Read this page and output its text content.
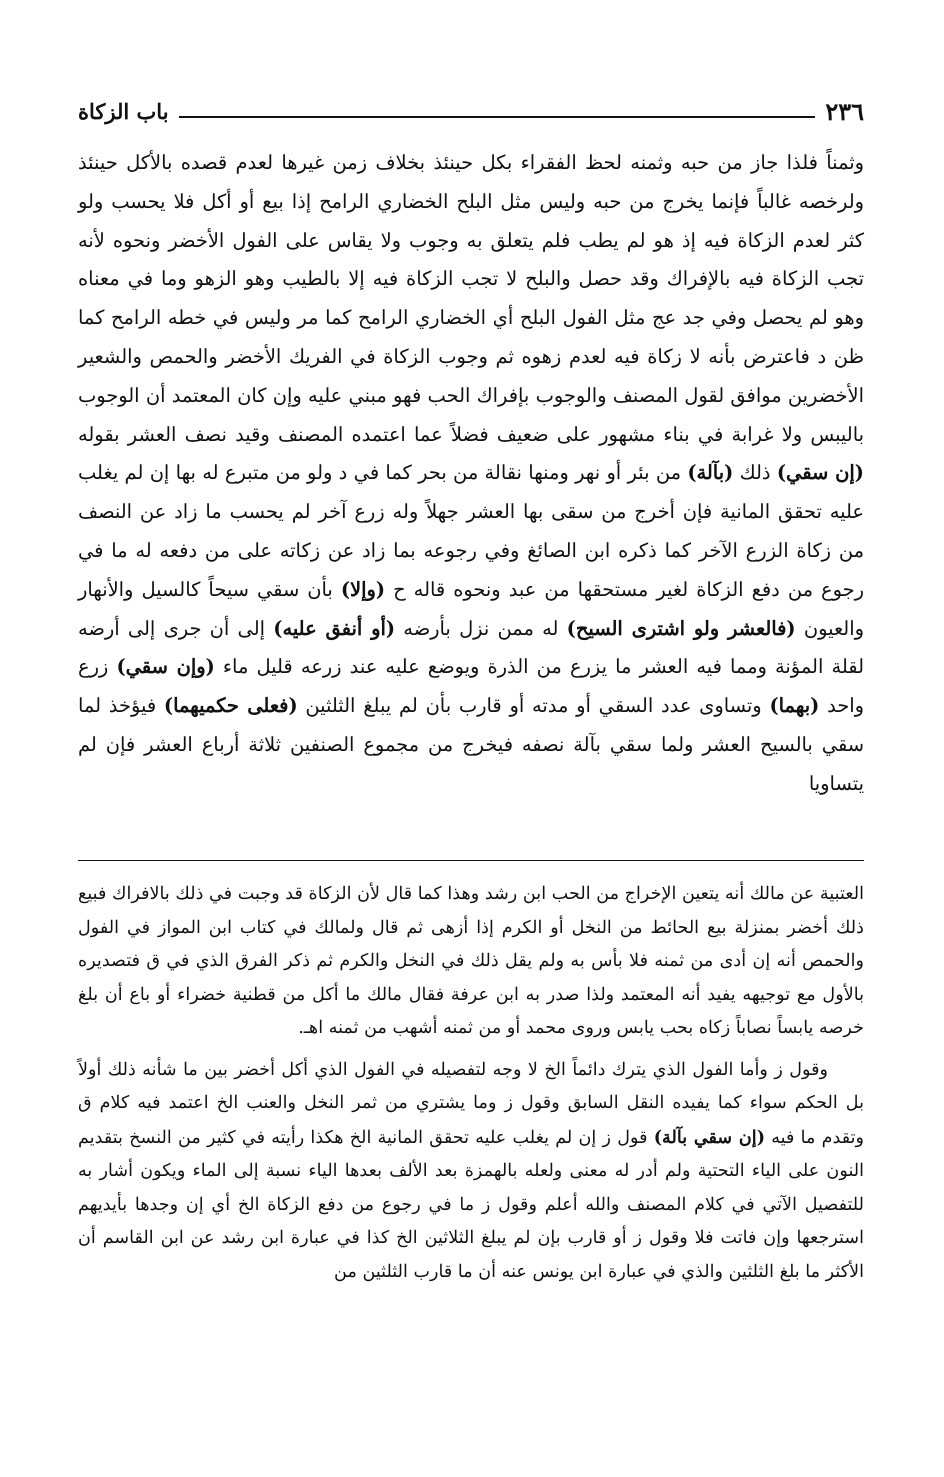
٢٣٦
باب الزكاة

وثمناً فلذا جاز من حبه وثمنه لحظ الفقراء بكل حينئذ بخلاف زمن غيرها لعدم قصده بالأكل حينئذ ولرخصه غالباً فإنما يخرج من حبه وليس مثل البلح الخضاري الرامح إذا بيع أو أكل فلا يحسب ولو كثر لعدم الزكاة فيه إذ هو لم يطب فلم يتعلق به وجوب ولا يقاس على الفول الأخضر ونحوه لأنه تجب الزكاة فيه بالإفراك وقد حصل والبلح لا تجب الزكاة فيه إلا بالطيب وهو الزهو وما في معناه وهو لم يحصل وفي جد عج مثل الفول البلح أي الخضاري الرامح كما مر وليس في خطه الرامح كما ظن د فاعترض بأنه لا زكاة فيه لعدم زهوه ثم وجوب الزكاة في الفريك الأخضر والحمص والشعير الأخضرين موافق لقول المصنف والوجوب بإفراك الحب فهو مبني عليه وإن كان المعتمد أن الوجوب باليبس ولا غرابة في بناء مشهور على ضعيف فضلاً عما اعتمده المصنف وقيد نصف العشر بقوله (إن سقي) ذلك (بآلة) من بئر أو نهر ومنها نقالة من بحر كما في د ولو من متبرع له بها إن لم يغلب عليه تحقق المانية فإن أخرج من سقى بها العشر جهلاً وله زرع آخر لم يحسب ما زاد عن النصف من زكاة الزرع الآخر كما ذكره ابن الصائغ وفي رجوعه بما زاد عن زكاته على من دفعه له ما في رجوع من دفع الزكاة لغير مستحقها من عبد ونحوه قاله ح (وإلا) بأن سقي سيحاً كالسيل والأنهار والعيون (فالعشر ولو اشترى السيح) له ممن نزل بأرضه (أو أنفق عليه) إلى أن جرى إلى أرضه لقلة المؤنة ومما فيه العشر ما يزرع من الذرة ويوضع عليه عند زرعه قليل ماء (وإن سقي) زرع واحد (بهما) وتساوى عدد السقي أو مدته أو قارب بأن لم يبلغ الثلثين (فعلى حكميهما) فيؤخذ لما سقي بالسيح العشر ولما سقي بآلة نصفه فيخرج من مجموع الصنفين ثلاثة أرباع العشر فإن لم يتساويا

العتبية عن مالك أنه يتعين الإخراج من الحب ابن رشد وهذا كما قال لأن الزكاة قد وجبت في ذلك بالافراك فبيع ذلك أخضر بمنزلة بيع الحائط من النخل أو الكرم إذا أزهى ثم قال ولمالك في كتاب ابن المواز في الفول والحمص أنه إن أدى من ثمنه فلا بأس به ولم يقل ذلك في النخل والكرم ثم ذكر الفرق الذي في ق فتصديره بالأول مع توجيهه يفيد أنه المعتمد ولذا صدر به ابن عرفة فقال مالك ما أكل من قطنية خضراء أو باع أن بلغ خرصه يابساً نصاباً زكاه بحب يابس وروى محمد أو من ثمنه أشهب من ثمنه اهـ.

وقول ز وأما الفول الذي يترك دائماً الخ لا وجه لتفصيله في الفول الذي أكل أخضر بين ما شأنه ذلك أولاً بل الحكم سواء كما يفيده النقل السابق وقول ز وما يشتري من ثمر النخل والعنب الخ اعتمد فيه كلام ق وتقدم ما فيه (إن سقي بآلة) قول ز إن لم يغلب عليه تحقق المانية الخ هكذا رأيته في كثير من النسخ بتقديم النون على الياء التحتية ولم أدر له معنى ولعله بالهمزة بعد الألف بعدها الياء نسبة إلى الماء ويكون أشار به للتفصيل الآتي في كلام المصنف والله أعلم وقول ز ما في رجوع من دفع الزكاة الخ أي إن وجدها بأيديهم استرجعها وإن فاتت فلا وقول ز أو قارب بإن لم يبلغ الثلاثين الخ كذا في عبارة ابن رشد عن ابن القاسم أن الأكثر ما بلغ الثلثين والذي في عبارة ابن يونس عنه أن ما قارب الثلثين من
